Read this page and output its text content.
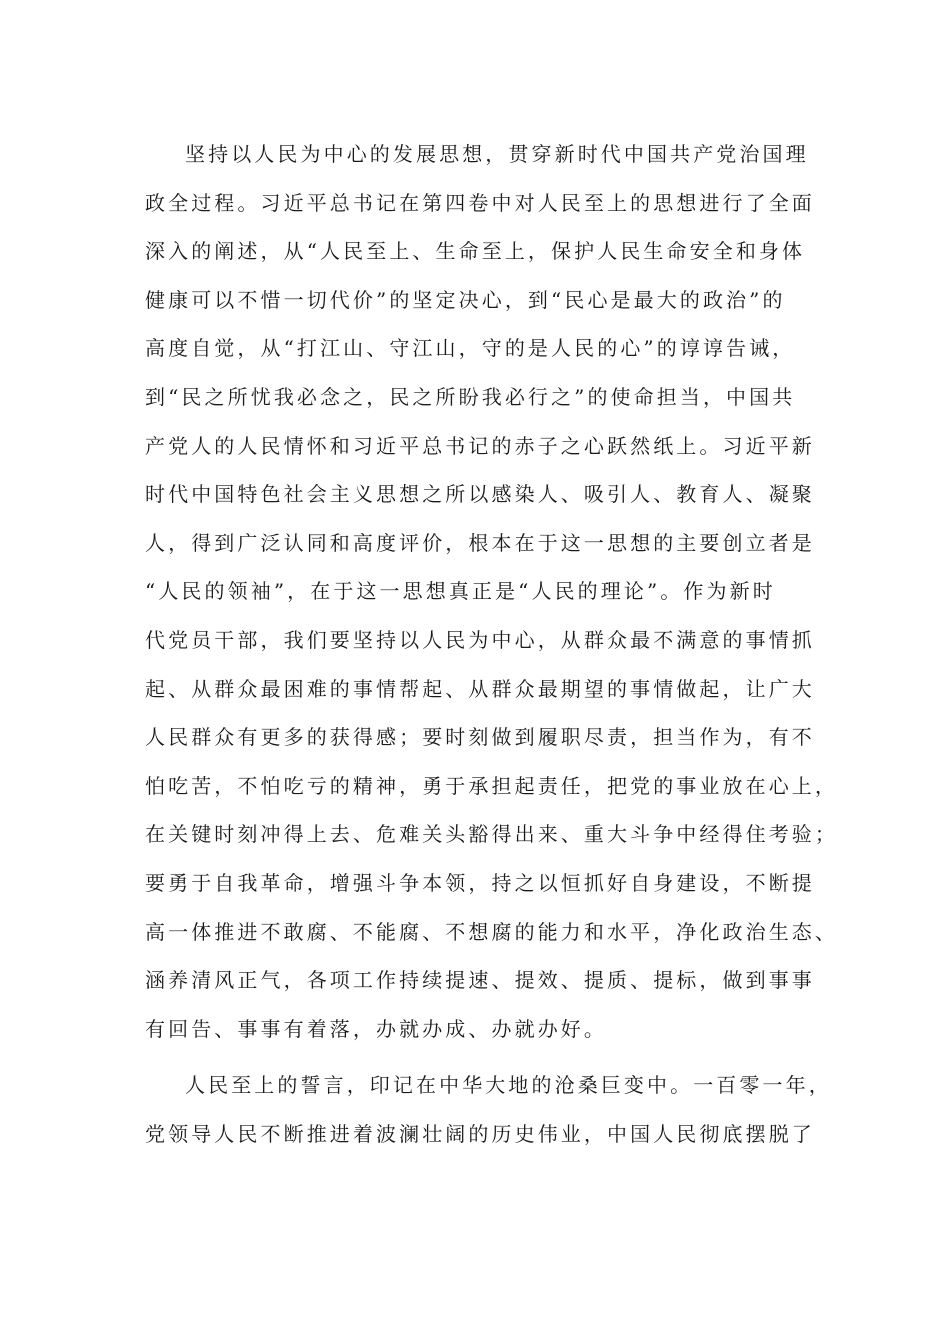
坚持以人民为中心的发展思想，贯穿新时代中国共产党治国理
政全过程。习近平总书记在第四卷中对人民至上的思想进行了全面
深入的阐述，从“人民至上、生命至上，保护人民生命安全和身体
健康可以不惜一切代价”的坚定决心，到“民心是最大的政治”的
高度自觉，从“打江山、守江山，守的是人民的心”的谆谆告诫，
到“民之所忧我必念之，民之所盼我必行之”的使命担当，中国共
产党人的人民情怀和习近平总书记的赤子之心跃然纸上。习近平新
时代中国特色社会主义思想之所以感染人、吸引人、教育人、凝聚
人，得到广泛认同和高度评价，根本在于这一思想的主要创立者是
“人民的领袖”，在于这一思想真正是“人民的理论”。作为新时
代党员干部，我们要坚持以人民为中心，从群众最不满意的事情抓
起、从群众最困难的事情帮起、从群众最期望的事情做起，让广大
人民群众有更多的获得感；要时刻做到履职尽责，担当作为，有不
怕吃苦，不怕吃亏的精神，勇于承担起责任，把党的事业放在心上，
在关键时刻冲得上去、危难关头豁得出来、重大斗争中经得住考验；
要勇于自我革命，增强斗争本领，持之以恒抓好自身建设，不断提
高一体推进不敢腐、不能腐、不想腐的能力和水平，净化政治生态、
涵养清风正气，各项工作持续提速、提效、提质、提标，做到事事
有回告、事事有着落，办就办成、办就办好。
人民至上的誓言，印记在中华大地的沧桑巨变中。一百零一年，
党领导人民不断推进着波澜壮阔的历史伟业，中国人民彻底摆脱了
